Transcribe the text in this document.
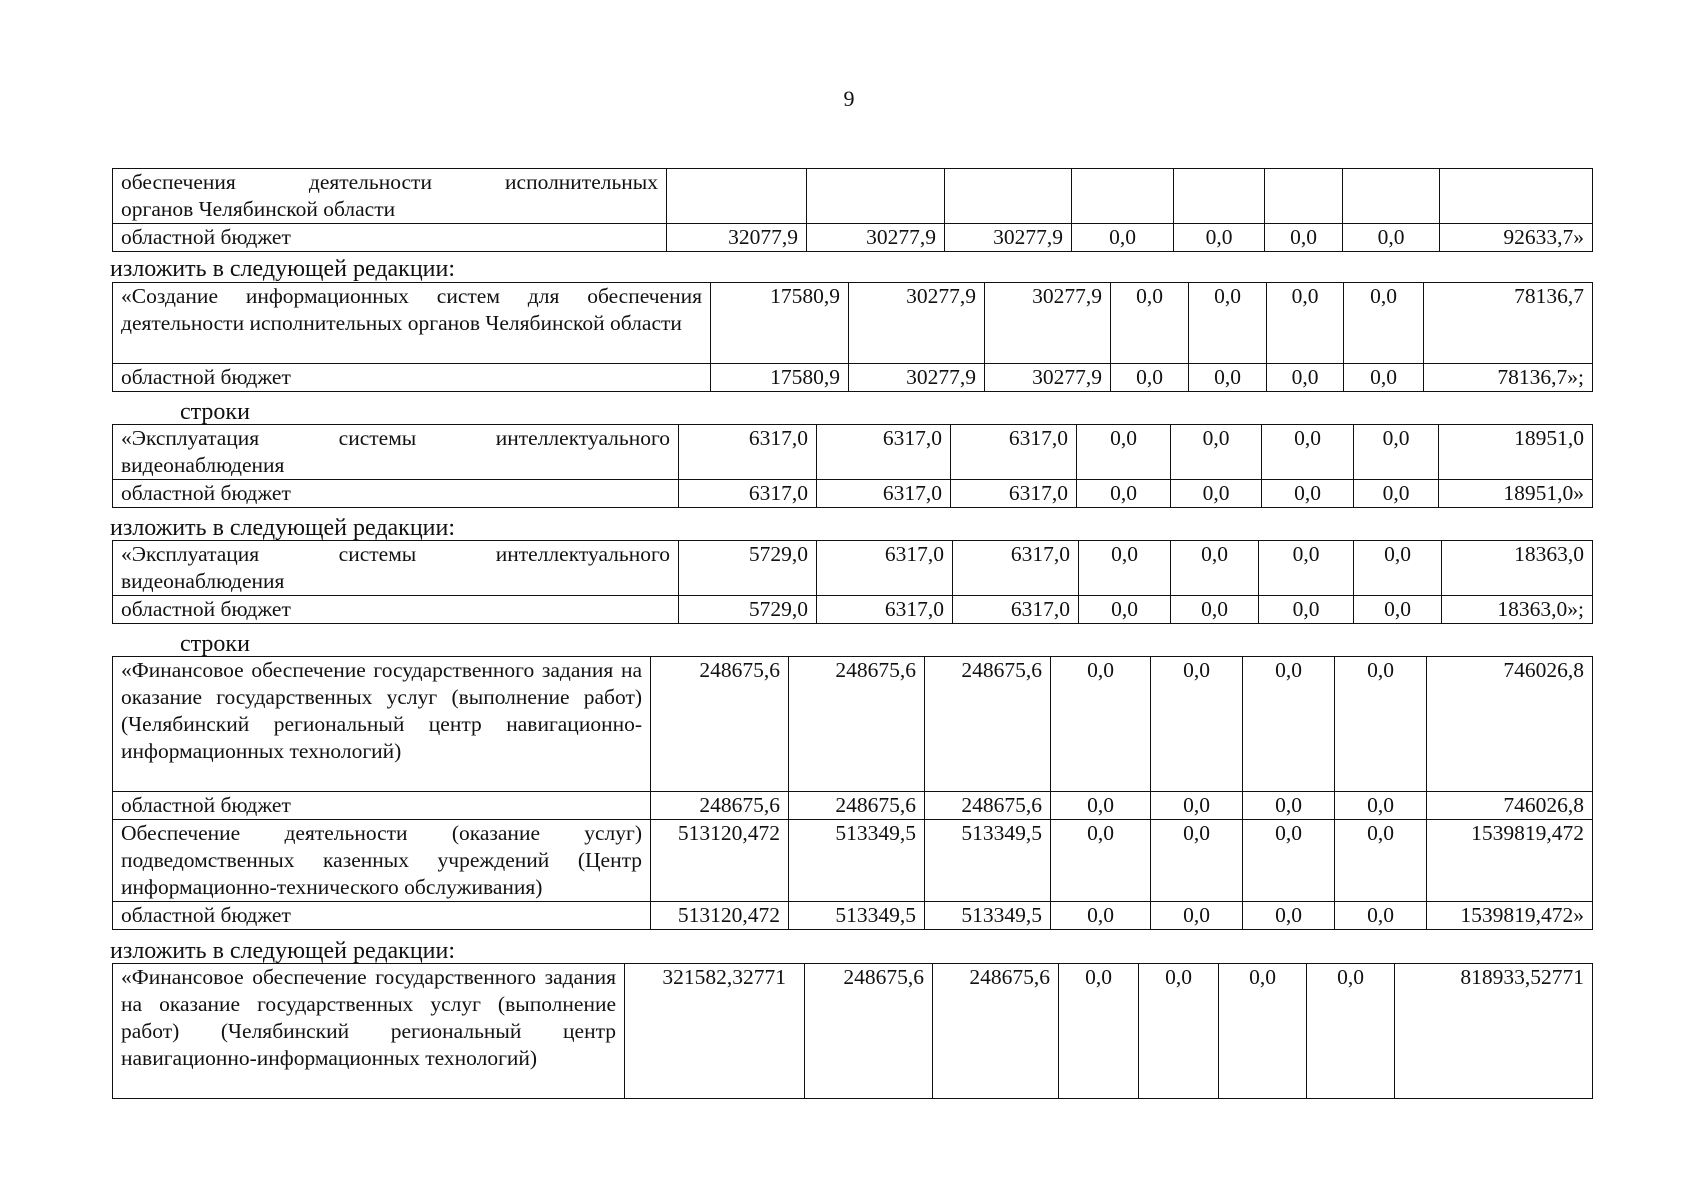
9
обеспечения деятельности исполнительных
органов Челябинской области								

областной бюджет	32077,9	30277,9	30277,9	0,0	0,0	0,0	0,0	92633,7»
изложить в следующей редакции:
«Создание информационных систем для обеспечения деятельности исполнительных органов Челябинской области	17580,9	30277,9	30277,9	0,0	0,0	0,0	0,0	78136,7
областной бюджет	17580,9	30277,9	30277,9	0,0	0,0	0,0	0,0	78136,7»;
строки
«Эксплуатация системы интеллектуального
видеонаблюдения	6317,0	6317,0	6317,0	0,0	0,0	0,0	0,0	18951,0
областной бюджет	6317,0	6317,0	6317,0	0,0	0,0	0,0	0,0	18951,0»
изложить в следующей редакции:
«Эксплуатация системы интеллектуального
видеонаблюдения	5729,0	6317,0	6317,0	0,0	0,0	0,0	0,0	18363,0
областной бюджет	5729,0	6317,0	6317,0	0,0	0,0	0,0	0,0	18363,0»;
строки
«Финансовое обеспечение государственного задания на оказание государственных услуг (выполнение работ) (Челябинский региональный центр навигационно-информационных технологий)	248675,6	248675,6	248675,6	0,0	0,0	0,0	0,0	746026,8
областной бюджет	248675,6	248675,6	248675,6	0,0	0,0	0,0	0,0	746026,8
Обеспечение деятельности (оказание услуг) подведомственных казенных учреждений (Центр информационно-технического обслуживания)	513120,472	513349,5	513349,5	0,0	0,0	0,0	0,0	1539819,472
областной бюджет	513120,472	513349,5	513349,5	0,0	0,0	0,0	0,0	1539819,472»
изложить в следующей редакции:
«Финансовое обеспечение государственного задания на оказание государственных услуг (выполнение работ) (Челябинский региональный центр навигационно-информационных технологий)	321582,32771	248675,6	248675,6	0,0	0,0	0,0	0,0	818933,52771
